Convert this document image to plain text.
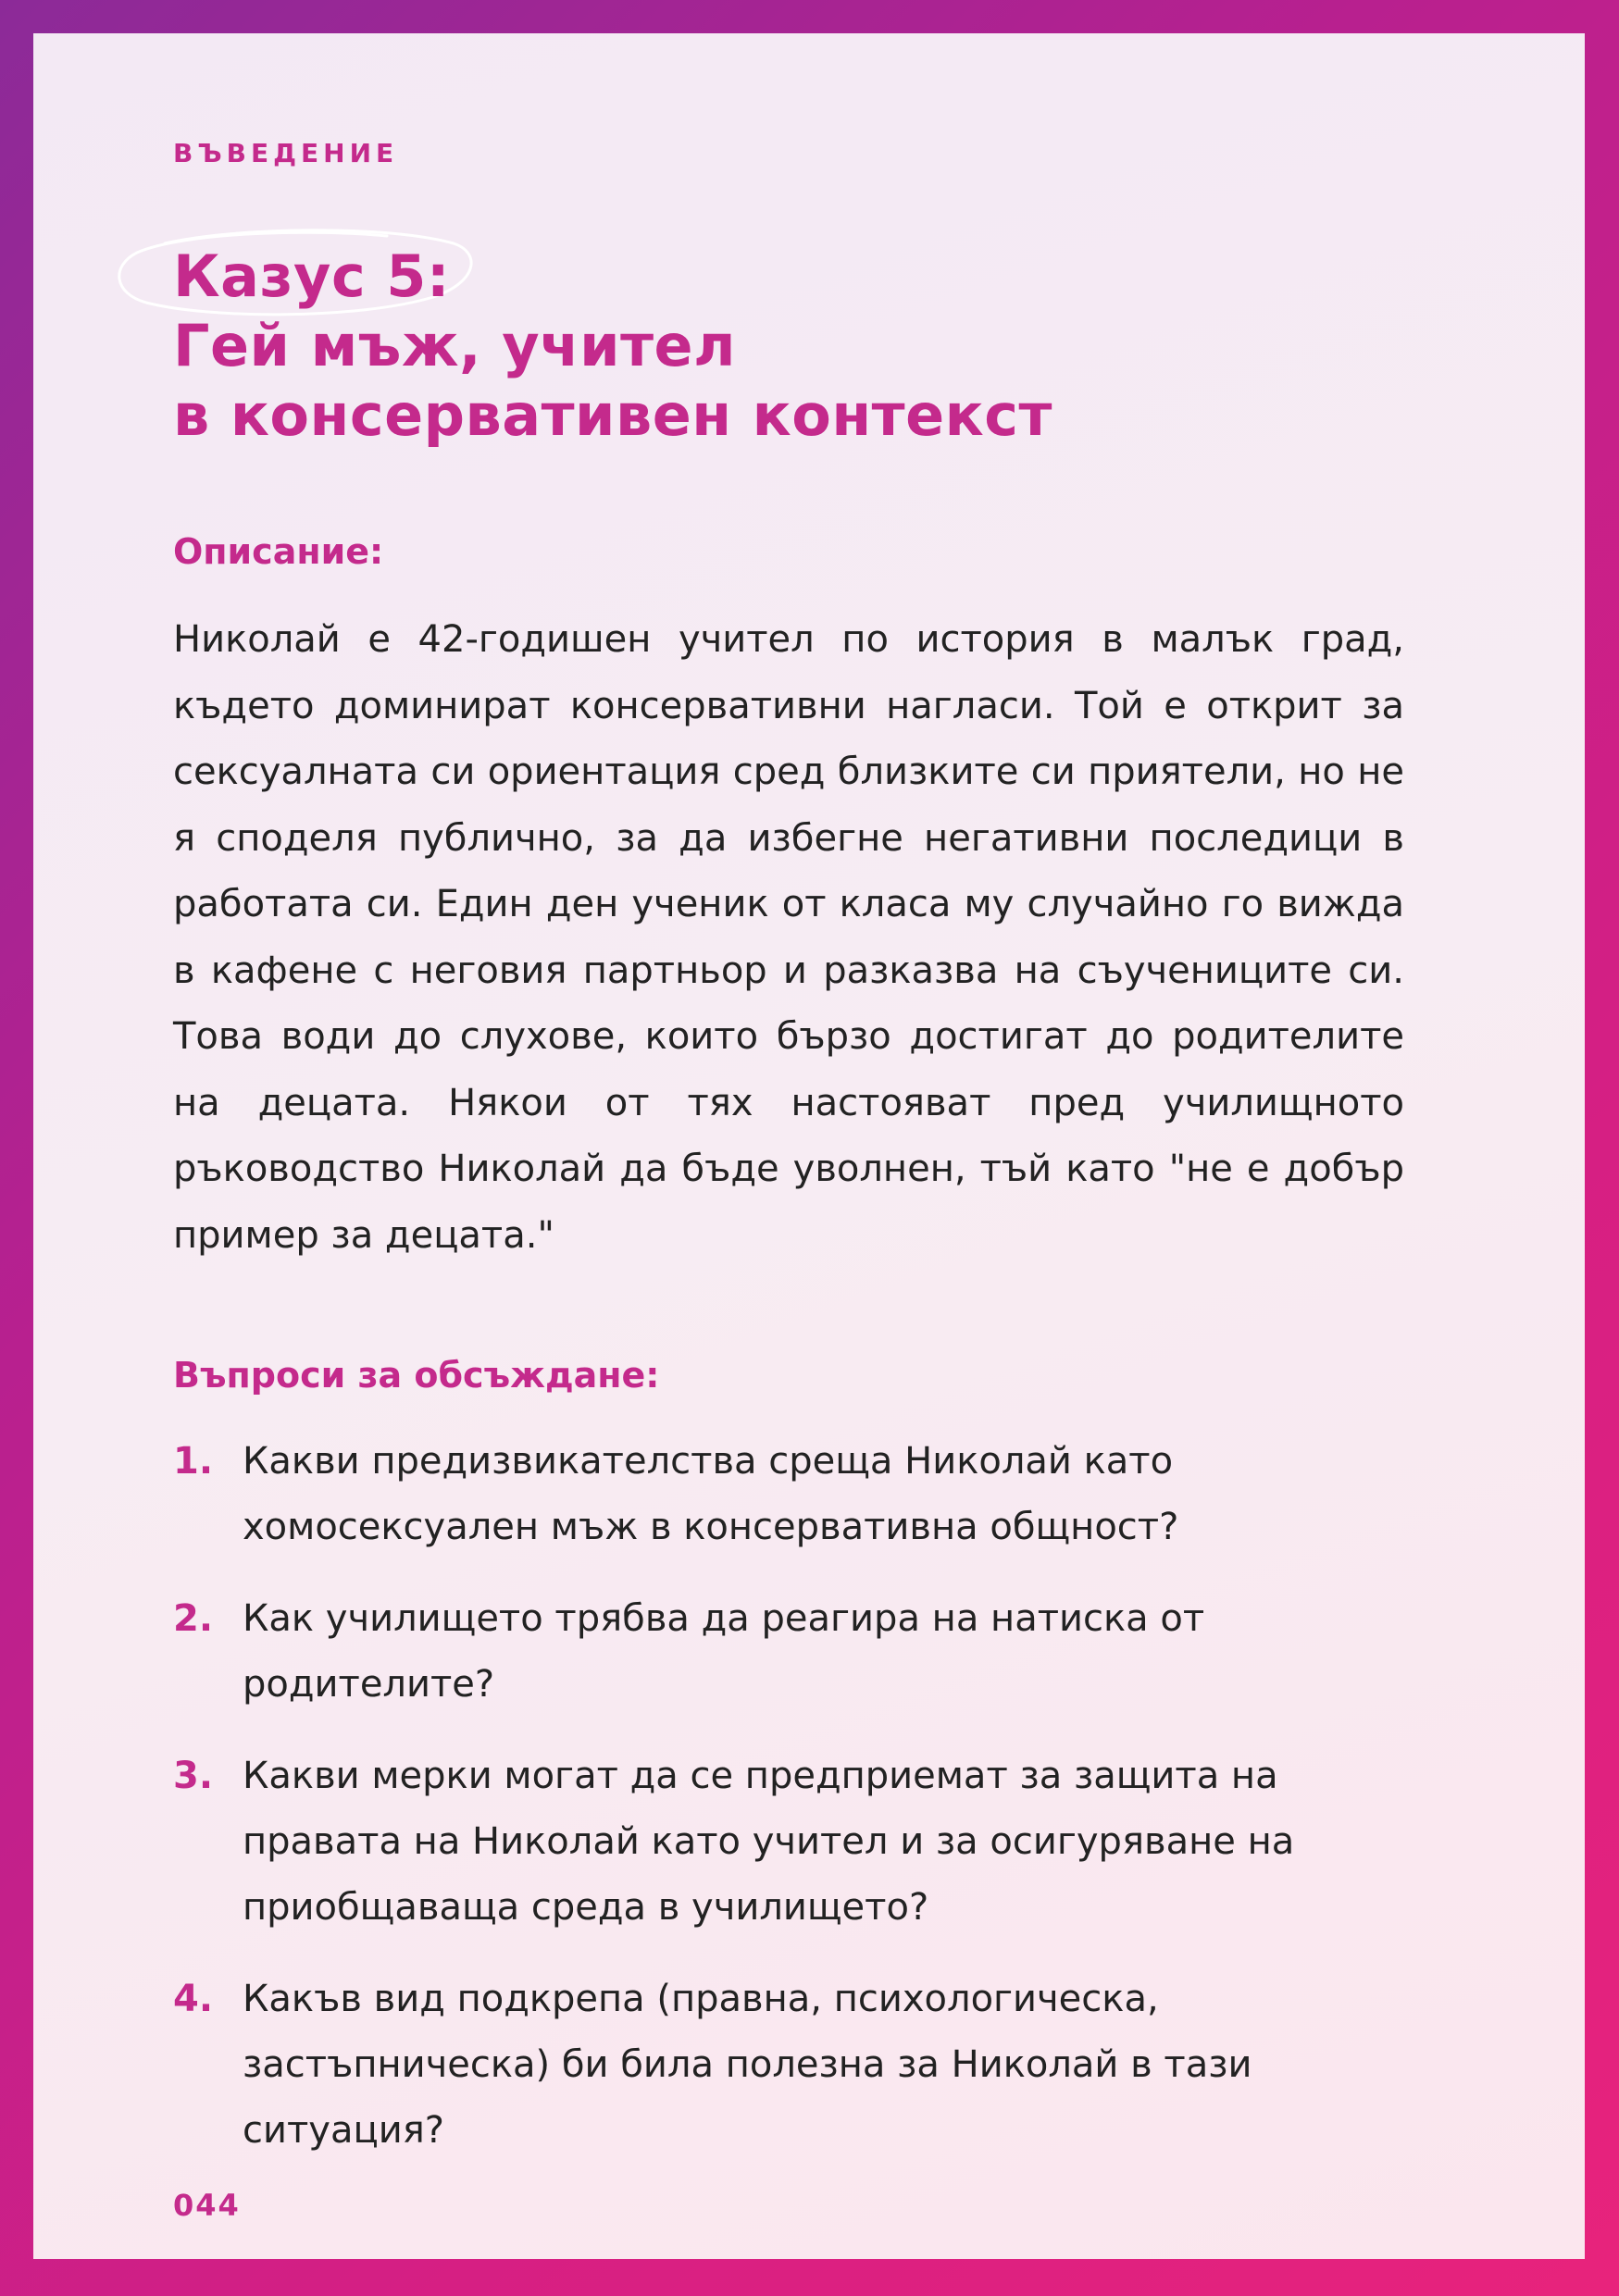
ВЪВЕДЕНИЕ
Казус 5:
Гей мъж, учител
в консервативен контекст
Описание:
Николай е 42-годишен учител по история в малък град, където доминират консервативни нагласи. Той е открит за сексуалната си ориентация сред близките си приятели, но не я споделя публично, за да избегне негативни последици в работата си. Един ден ученик от класа му случайно го вижда в кафене с неговия партньор и разказва на съучениците си. Това води до слухове, които бързо достигат до родителите на децата. Някои от тях настояват пред училищното ръководство Николай да бъде уволнен, тъй като "не е добър пример за децата."
Въпроси за обсъждане:
1. Какви предизвикателства среща Николай като хомосексуален мъж в консервативна общност?
2. Как училището трябва да реагира на натиска от родителите?
3. Какви мерки могат да се предприемат за защита на правата на Николай като учител и за осигуряване на приобщаваща среда в училището?
4. Какъв вид подкрепа (правна, психологическа, застъпническа) би била полезна за Николай в тази ситуация?
044
